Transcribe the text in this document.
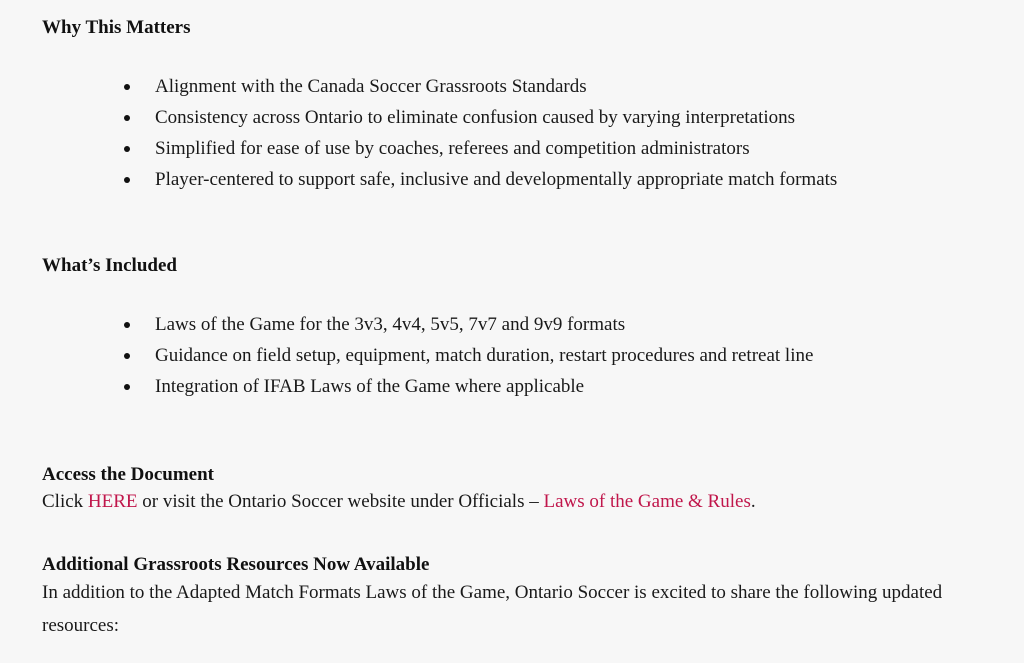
Why This Matters
Alignment with the Canada Soccer Grassroots Standards
Consistency across Ontario to eliminate confusion caused by varying interpretations
Simplified for ease of use by coaches, referees and competition administrators
Player-centered to support safe, inclusive and developmentally appropriate match formats
What’s Included
Laws of the Game for the 3v3, 4v4, 5v5, 7v7 and 9v9 formats
Guidance on field setup, equipment, match duration, restart procedures and retreat line
Integration of IFAB Laws of the Game where applicable
Access the Document

Click HERE or visit the Ontario Soccer website under Officials – Laws of the Game & Rules.

Additional Grassroots Resources Now Available

In addition to the Adapted Match Formats Laws of the Game, Ontario Soccer is excited to share the following updated resources:
